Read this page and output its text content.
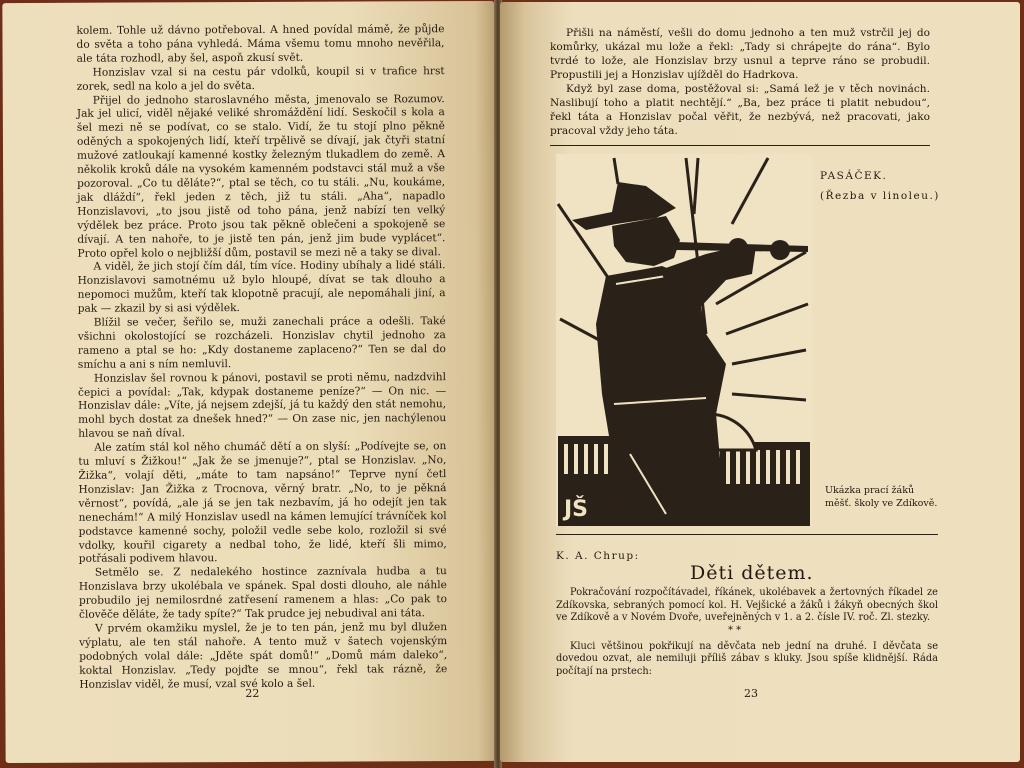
kolem. Tohle už dávno potřeboval. A hned povídal mámě, že půjde do světa a toho pána vyhledá. Máma všemu tomu mnoho nevěřila, ale táta rozhodl, aby šel, aspoň zkusí svět.

Honzislav vzal si na cestu pár vdolků, koupil si v trafice hrst zorek, sedl na kolo a jel do světa.

Přijel do jednoho staroslavného města, jmenovalo se Rozumov. Jak jel ulicí, viděl nějaké veliké shromáždění lidí. Seskočil s kola a šel mezi ně se podívat, co se stalo. Vidí, že tu stojí plno pěkně oděných a spokojených lidí, kteří trpělivě se dívají, jak čtyři statní mužové zatloukají kamenné kostky železným tlukadlem do země. A několik kroků dále na vysokém kamenném podstavci stál muž a vše pozoroval. „Co tu děláte?“, ptal se těch, co tu stáli. „Nu, koukáme, jak dláždí“, řekl jeden z těch, již tu stáli. „Aha“, napadlo Honzislavovi, „to jsou jistě od toho pána, jenž nabízí ten velký výdělek bez práce. Proto jsou tak pěkně oblečeni a spokojeně se dívají. A ten nahoře, to je jistě ten pán, jenž jim bude vyplácet“. Proto opřel kolo o nejbližší dům, postavil se mezi ně a taky se dival.

A viděl, že jich stojí čím dál, tím více. Hodiny ubíhaly a lidé stáli. Honzislavovi samotnému už bylo hloupé, dívat se tak dlouho a nepomoci mužům, kteří tak klopotně pracují, ale nepomáhali jiní, a pak — zkazil by si asi výdělek.

Blížil se večer, šeřilo se, muži zanechali práce a odešli. Také všichni okolostojící se rozcházeli. Honzislav chytil jednoho za rameno a ptal se ho: „Kdy dostaneme zaplaceno?“ Ten se dal do smíchu a ani s ním nemluvil.

Honzislav šel rovnou k pánovi, postavil se proti němu, nadzdvihl čepici a povídal: „Tak, kdypak dostaneme peníze?“ — On nic. — Honzislav dále: „Víte, já nejsem zdejší, já tu každý den stát nemohu, mohl bych dostat za dnešek hned?“ — On zase nic, jen nachýlenou hlavou se naň díval.

Ale zatím stál kol něho chumáč dětí a on slyší: „Podívejte se, on tu mluví s Žižkou!“ „Jak že se jmenuje?“, ptal se Honzislav. „No, Žižka“, volají děti, „máte to tam napsáno!“ Teprve nyní četl Honzislav: Jan Žižka z Trocnova, věrný bratr. „No, to je pěkná věrnost“, povídá, „ale já se jen tak nezbavím, já ho odejít jen tak nenechám!“ A milý Honzislav usedl na kámen lemující trávníček kol podstavce kamenné sochy, položil vedle sebe kolo, rozložil si své vdolky, kouřil cigarety a nedbal toho, že lidé, kteří šli mimo, potřásali podivem hlavou.

Setmělo se. Z nedalekého hostince zaznívala hudba a tu Honzislava brzy ukolébala ve spánek. Spal dosti dlouho, ale náhle probudilo jej nemilosrdné zatřesení ramenem a hlas: „Co pak to člověče děláte, že tady spíte?“ Tak prudce jej nebudival ani táta.

V prvém okamžiku myslel, že je to ten pán, jenž mu byl dlužen výplatu, ale ten stál nahoře. A tento muž v šatech vojenským podobných volal dále: „Jděte spát domů!“ „Domů mám daleko“, koktal Honzislav. „Tedy pojďte se mnou“, řekl tak rázně, že Honzislav viděl, že musí, vzal své kolo a šel.

22

Přišli na náměstí, vešli do domu jednoho a ten muž vstrčil jej do komůrky, ukázal mu lože a řekl: „Tady si chrápejte do rána“. Bylo tvrdé to lože, ale Honzislav brzy usnul a teprve ráno se probudil. Propustili jej a Honzislav ujížděl do Hadrkova.

Když byl zase doma, postěžoval si: „Samá lež je v těch novinách. Naslibují toho a platit nechtějí.“ „Ba, bez práce ti platit nebudou“, řekl táta a Honzislav počal věřit, že nezbývá, než pracovati, jako pracoval vždy jeho táta.

JŠ
PASÁČEK.
(Řezba v linoleu.)
Ukázka prací žáků
měšť. školy ve Zdíkově.
K. A. Chrup:
Děti dětem.

Pokračování rozpočítávadel, říkánek, ukolébavek a žertovných říkadel ze Zdíkovska, sebraných pomocí kol. H. Vejšické a žáků i žákyň obecných škol ve Zdíkově a v Novém Dvoře, uveřejněných v 1. a 2. čísle IV. roč. Zl. stezky.

Kluci většinou pokřikují na děvčata neb jední na druhé. I děvčata se dovedou ozvat, ale nemiluji příliš zábav s kluky. Jsou spíše klidnější. Ráda počítají na prstech:

* *
23
